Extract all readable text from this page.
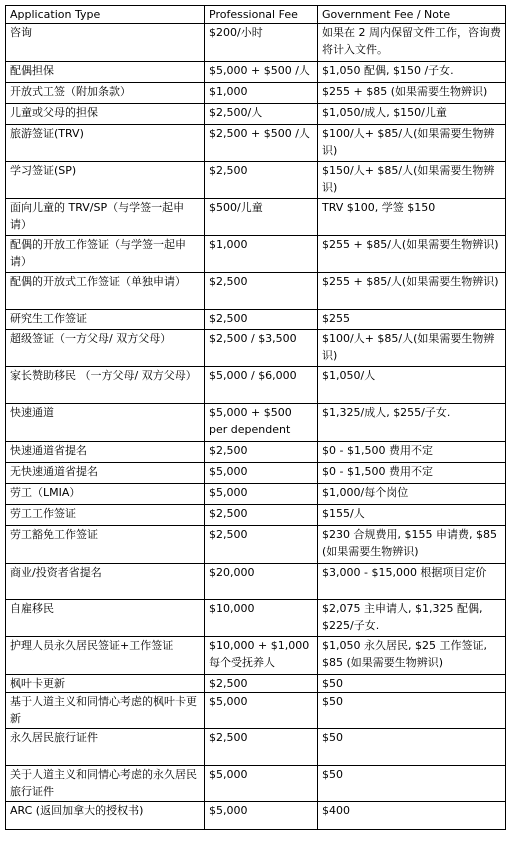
Application Type	Professional Fee	Government Fee / Note
咨询	$200/小时	如果在 2 周内保留文件工作，咨询费将计入文件。
配偶担保	$5,000 + $500 /人	$1,050 配偶, $150 /子女.
开放式工签（附加条款）	$1,000	$255 + $85 (如果需要生物辨识)
儿童或父母的担保	$2,500/人	$1,050/成人, $150/儿童
旅游签证(TRV)	$2,500 + $500 /人	$100/人+ $85/人(如果需要生物辨识)
学习签证(SP)	$2,500	$150/人+ $85/人(如果需要生物辨识)
面向儿童的 TRV/SP（与学签一起申请）	$500/儿童	TRV $100, 学签 $150
配偶的开放工作签证（与学签一起申请）	$1,000	$255 + $85/人(如果需要生物辨识)
配偶的开放式工作签证（单独申请）	$2,500	$255 + $85/人(如果需要生物辨识)
研究生工作签证	$2,500	$255
超级签证（一方父母/ 双方父母）	$2,500 / $3,500	$100/人+ $85/人(如果需要生物辨识)
家长赞助移民 （一方父母/ 双方父母）	$5,000 / $6,000	$1,050/人
快速通道	$5,000 + $500 per dependent	$1,325/成人, $255/子女.
快速通道省提名	$2,500	$0 - $1,500 费用不定
无快速通道省提名	$5,000	$0 - $1,500 费用不定
劳工（LMIA）	$5,000	$1,000/每个岗位
劳工工作签证	$2,500	$155/人
劳工豁免工作签证	$2,500	$230 合规费用, $155 申请费, $85 (如果需要生物辨识)
商业/投资者省提名	$20,000	$3,000 - $15,000 根据项目定价
自雇移民	$10,000	$2,075 主申请人, $1,325 配偶, $225/子女.
护理人员永久居民签证+工作签证	$10,000 + $1,000 每个受抚养人	$1,050 永久居民, $25 工作签证, $85 (如果需要生物辨识)
枫叶卡更新	$2,500	$50
基于人道主义和同情心考虑的枫叶卡更新	$5,000	$50
永久居民旅行证件	$2,500	$50
关于人道主义和同情心考虑的永久居民旅行证件	$5,000	$50
ARC (返回加拿大的授权书)	$5,000	$400
